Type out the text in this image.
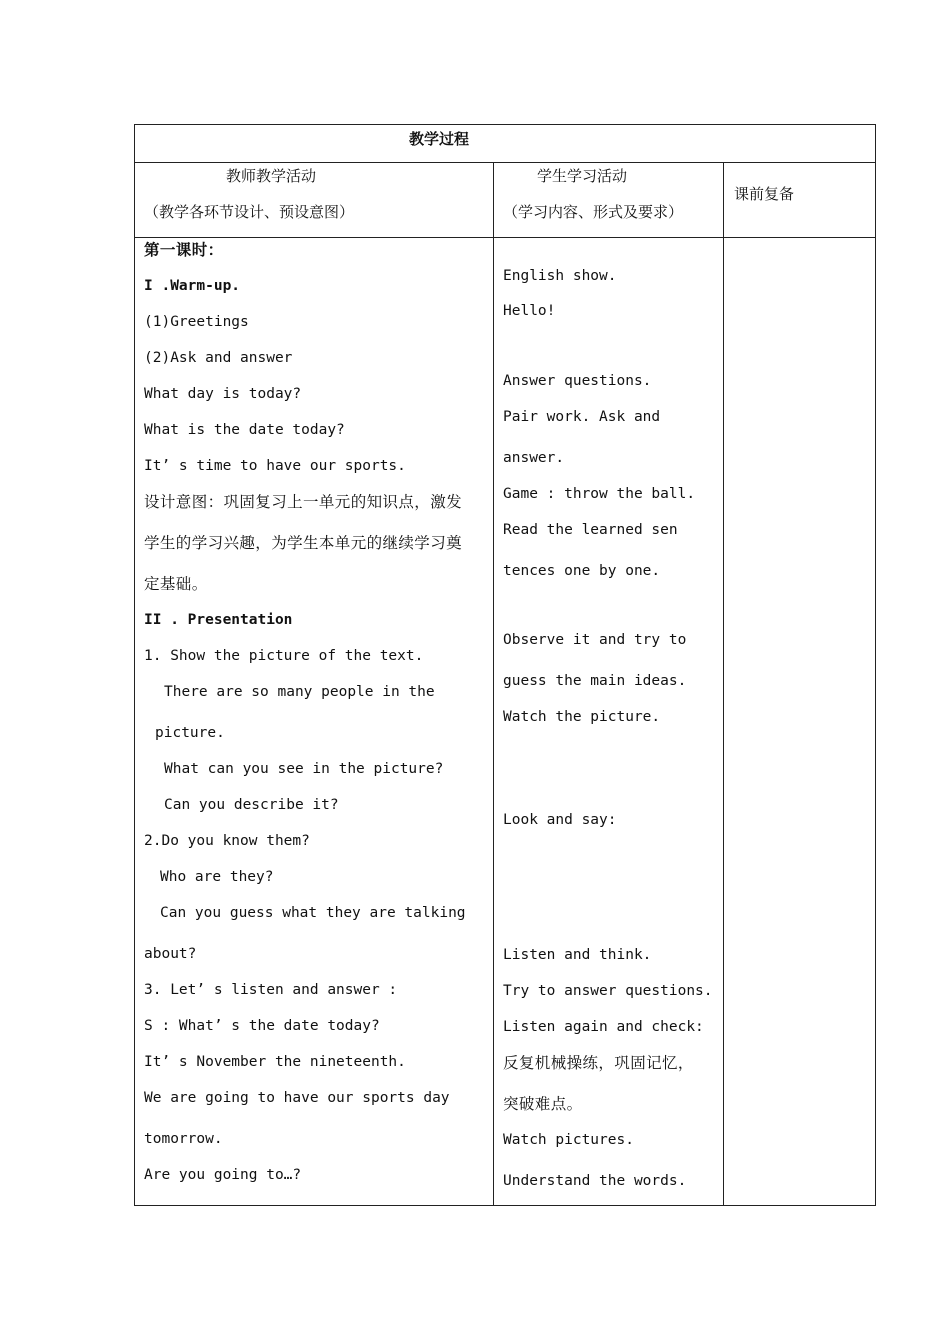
教学过程
教师教学活动
（教学各环节设计、预设意图）
学生学习活动
（学习内容、形式及要求）
课前复备
第一课时：
I .Warm-up.
(1)Greetings
(2)Ask and answer
What day is today?
What is the date today?
It’ s time to have our sports.
设计意图：巩固复习上一单元的知识点，激发
学生的学习兴趣，为学生本单元的继续学习奠
定基础。
II . Presentation
1. Show the picture of the text.
There are so many people in the
picture.
What can you see in the picture?
Can you describe it?
2.Do you know them?
Who are they?
Can you guess what they are talking
about?
3. Let’ s listen and answer :
S : What’ s the date today?
It’ s November the nineteenth.
We are going to have our sports day
tomorrow.
Are you going to…?
English show.
Hello!
Answer questions.
Pair work. Ask and
answer.
Game : throw the ball.
Read the learned sen
tences one by one.
Observe it and try to
guess the main ideas.
Watch the picture.
Look and say:
Listen and think.
Try to answer questions.
Listen again and check:
反复机械操练，巩固记忆，
突破难点。
Watch pictures.
Understand the words.
